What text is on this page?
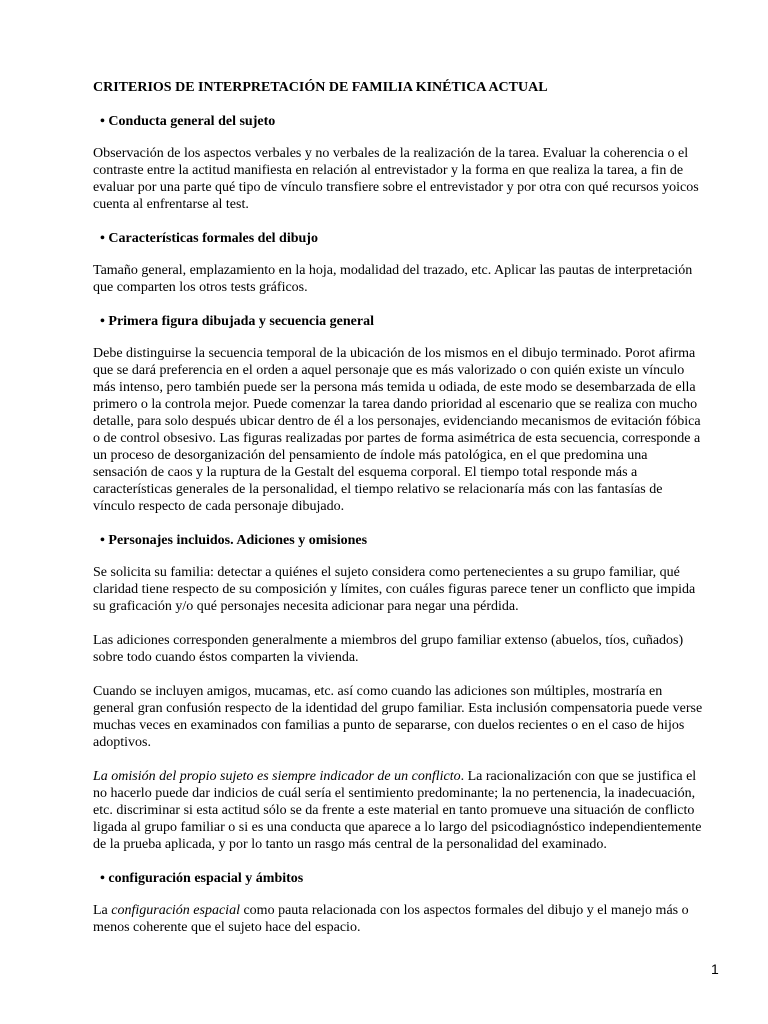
CRITERIOS DE INTERPRETACIÓN DE FAMILIA KINÉTICA ACTUAL
• Conducta general del sujeto

Observación de los aspectos verbales y no verbales de la realización de la tarea. Evaluar la coherencia o el contraste entre la actitud manifiesta en relación al entrevistador y la forma en que realiza la tarea, a fin de evaluar por una parte qué tipo de vínculo transfiere sobre el entrevistador y por otra con qué recursos yoicos cuenta al enfrentarse al test.

• Características formales del dibujo

Tamaño general, emplazamiento en la hoja, modalidad del trazado, etc. Aplicar las pautas de interpretación que comparten los otros tests gráficos.

• Primera figura dibujada y secuencia general

Debe distinguirse la secuencia temporal de la ubicación de los mismos en el dibujo terminado. Porot afirma que se dará preferencia en el orden a aquel personaje que es más valorizado o con quién existe un vínculo más intenso, pero también puede ser la persona más temida u odiada, de este modo se desembarzada de ella primero o la controla mejor. Puede comenzar la tarea dando prioridad al escenario que se realiza con mucho detalle, para solo después ubicar dentro de él a los personajes, evidenciando mecanismos de evitación fóbica o de control obsesivo. Las figuras realizadas por partes de forma asimétrica de esta secuencia, corresponde a un proceso de desorganización del pensamiento de índole más patológica, en el que predomina una sensación de caos y la ruptura de la Gestalt del esquema corporal. El tiempo total responde más a características generales de la personalidad, el tiempo relativo se relacionaría más con las fantasías de vínculo respecto de cada personaje dibujado.

• Personajes incluidos. Adiciones y omisiones

Se solicita su familia: detectar a quiénes el sujeto considera como pertenecientes a su grupo familiar, qué claridad tiene respecto de su composición y límites, con cuáles figuras parece tener un conflicto que impida su graficación y/o qué personajes necesita adicionar para negar una pérdida.

Las adiciones corresponden generalmente a miembros del grupo familiar extenso (abuelos, tíos, cuñados) sobre todo cuando éstos comparten la vivienda.

Cuando se incluyen amigos, mucamas, etc. así como cuando las adiciones son múltiples, mostraría en general gran confusión respecto de la identidad del grupo familiar. Esta inclusión compensatoria puede verse muchas veces en examinados con familias a punto de separarse, con duelos recientes o en el caso de hijos adoptivos.

La omisión del propio sujeto es siempre indicador de un conflicto. La racionalización con que se justifica el no hacerlo puede dar indicios de cuál sería el sentimiento predominante; la no pertenencia, la inadecuación, etc. discriminar si esta actitud sólo se da frente a este material en tanto promueve una situación de conflicto ligada al grupo familiar o si es una conducta que aparece a lo largo del psicodiagnóstico independientemente de la prueba aplicada, y por lo tanto un rasgo más central de la personalidad del examinado.

• configuración espacial y ámbitos

La configuración espacial como pauta relacionada con los aspectos formales del dibujo y el manejo más o menos coherente que el sujeto hace del espacio.

1
